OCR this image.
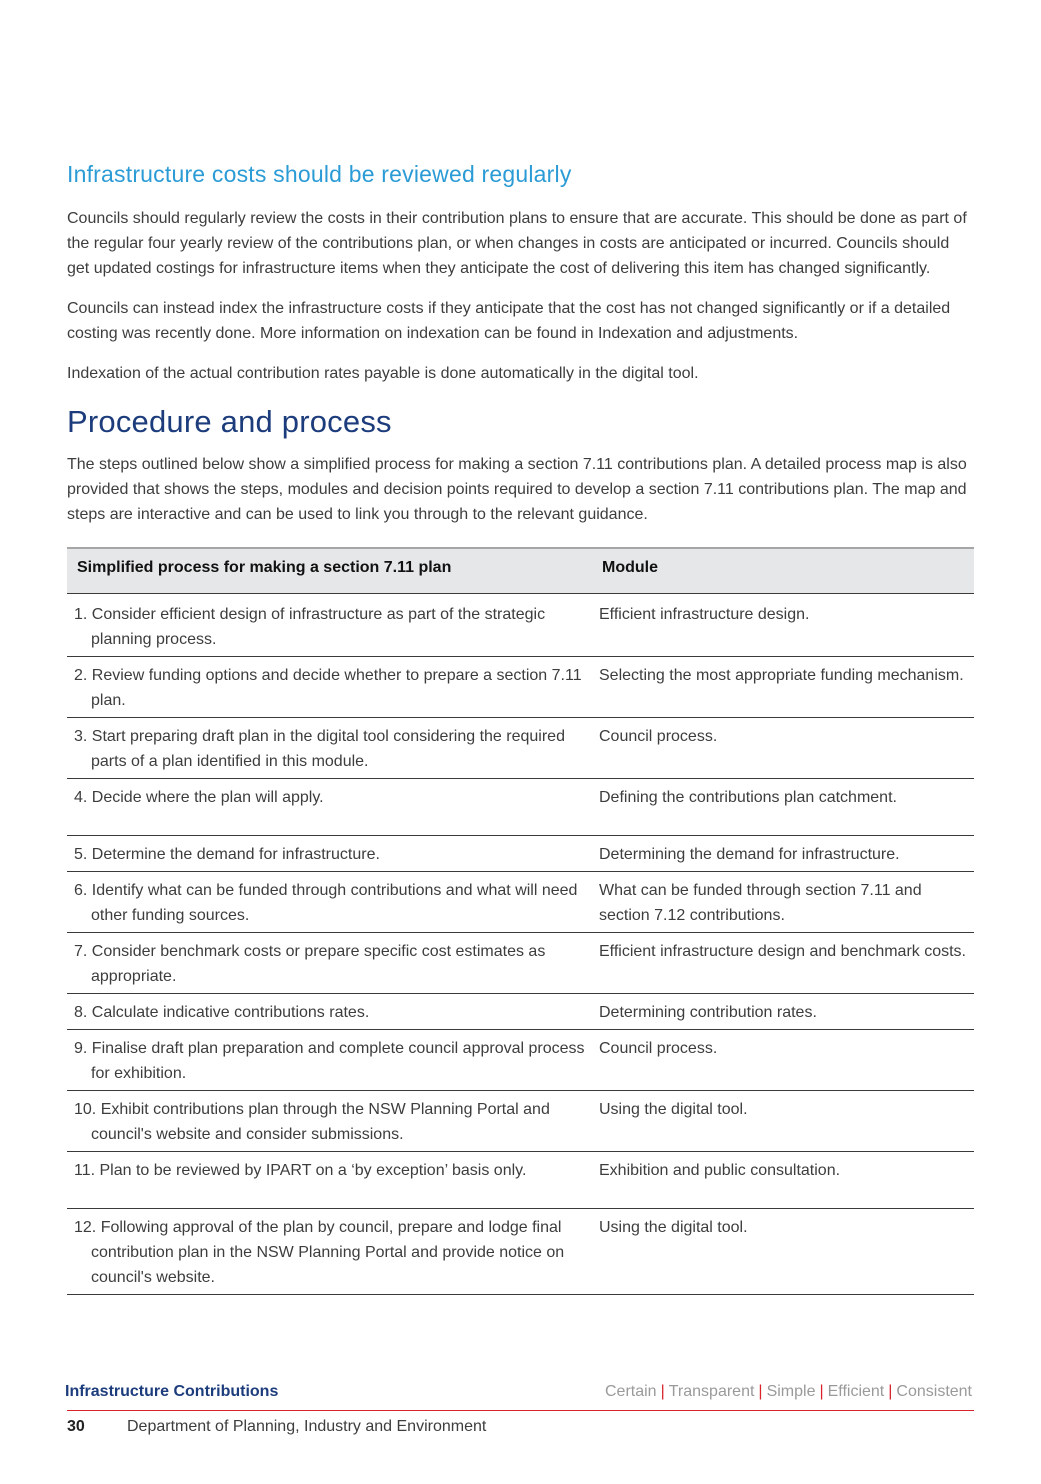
Infrastructure costs should be reviewed regularly

Councils should regularly review the costs in their contribution plans to ensure that are accurate. This should be done as part of the regular four yearly review of the contributions plan, or when changes in costs are anticipated or incurred. Councils should get updated costings for infrastructure items when they anticipate the cost of delivering this item has changed significantly.

Councils can instead index the infrastructure costs if they anticipate that the cost has not changed significantly or if a detailed costing was recently done. More information on indexation can be found in Indexation and adjustments.

Indexation of the actual contribution rates payable is done automatically in the digital tool.

Procedure and process

The steps outlined below show a simplified process for making a section 7.11 contributions plan. A detailed process map is also provided that shows the steps, modules and decision points required to develop a section 7.11 contributions plan. The map and steps are interactive and can be used to link you through to the relevant guidance.

Simplified process for making a section 7.11 plan	Module
1. Consider efficient design of infrastructure as part of the strategic planning process.	Efficient infrastructure design.
2. Review funding options and decide whether to prepare a section 7.11 plan.	Selecting the most appropriate funding mechanism.
3. Start preparing draft plan in the digital tool considering the required parts of a plan identified in this module.	Council process.
4. Decide where the plan will apply.	Defining the contributions plan catchment.
5. Determine the demand for infrastructure.	Determining the demand for infrastructure.
6. Identify what can be funded through contributions and what will need other funding sources.	What can be funded through section 7.11 and section 7.12 contributions.
7. Consider benchmark costs or prepare specific cost estimates as appropriate.	Efficient infrastructure design and benchmark costs.
8. Calculate indicative contributions rates.	Determining contribution rates.
9. Finalise draft plan preparation and complete council approval process for exhibition.	Council process.
10. Exhibit contributions plan through the NSW Planning Portal and council's website and consider submissions.	Using the digital tool.
11. Plan to be reviewed by IPART on a ‘by exception’ basis only.	Exhibition and public consultation.
12. Following approval of the plan by council, prepare and lodge final contribution plan in the NSW Planning Portal and provide notice on council's website.	Using the digital tool.
Infrastructure Contributions	Certain | Transparent | Simple | Efficient | Consistent
30	Department of Planning, Industry and Environment
